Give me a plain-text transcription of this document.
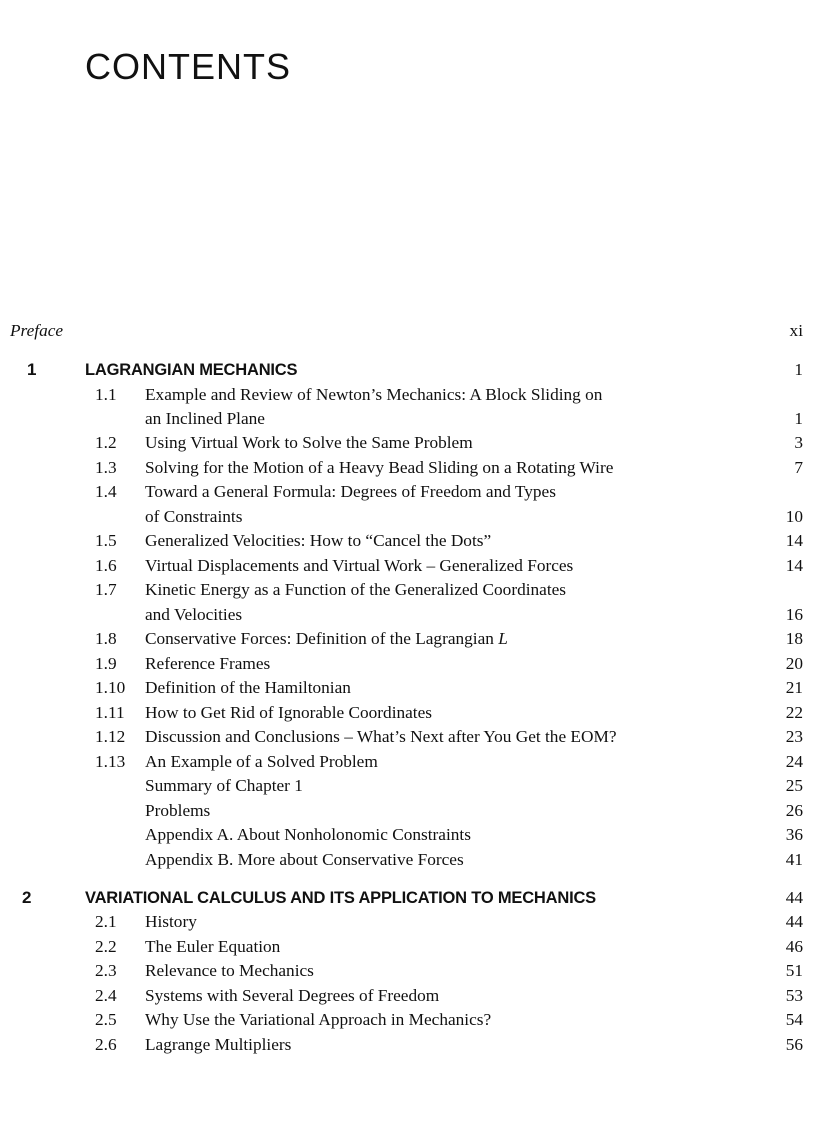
CONTENTS
Preface	xi
1	LAGRANGIAN MECHANICS	1
1.1 Example and Review of Newton’s Mechanics: A Block Sliding on
an Inclined Plane	1
1.2 Using Virtual Work to Solve the Same Problem	3
1.3 Solving for the Motion of a Heavy Bead Sliding on a Rotating Wire	7
1.4 Toward a General Formula: Degrees of Freedom and Types
of Constraints	10
1.5 Generalized Velocities: How to “Cancel the Dots”	14
1.6 Virtual Displacements and Virtual Work – Generalized Forces	14
1.7 Kinetic Energy as a Function of the Generalized Coordinates
and Velocities	16
1.8 Conservative Forces: Definition of the Lagrangian L	18
1.9 Reference Frames	20
1.10 Definition of the Hamiltonian	21
1.11 How to Get Rid of Ignorable Coordinates	22
1.12 Discussion and Conclusions – What’s Next after You Get the EOM?	23
1.13 An Example of a Solved Problem	24
Summary of Chapter 1	25
Problems	26
Appendix A. About Nonholonomic Constraints	36
Appendix B. More about Conservative Forces	41
2	VARIATIONAL CALCULUS AND ITS APPLICATION TO MECHANICS	44
2.1 History	44
2.2 The Euler Equation	46
2.3 Relevance to Mechanics	51
2.4 Systems with Several Degrees of Freedom	53
2.5 Why Use the Variational Approach in Mechanics?	54
2.6 Lagrange Multipliers	56
